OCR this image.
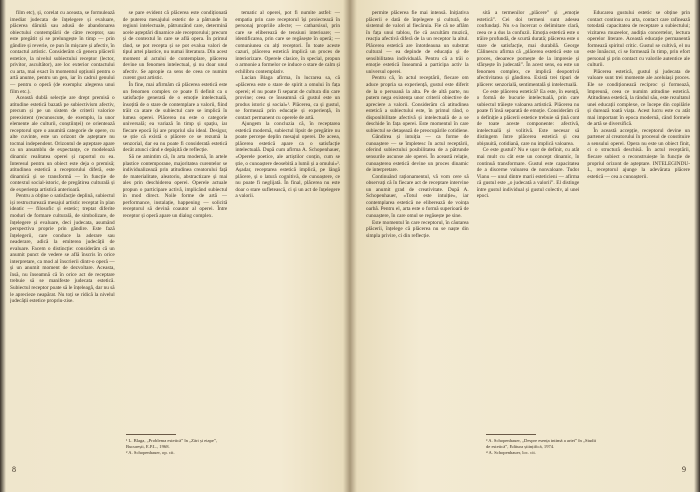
film etc), și, corelat cu aceasta, se formulează imediat judecata de înțelegere și evaluare, plăcerea dăruită sau adusă de abandonarea obiectului contemplării de către receptor, sau este pregătit și se prelungește în timp — prin gândire și reverie, ce pun în mișcare și afectiv, în contactul artistic. Considerăm că genera plăcerii estetice, la nivelul subiectului receptor (lector, privitor, ascultător), are loc exterior contactului cu arta, mai exact în momentul opțiunii pentru o artă anume, pentru un gen, iar în cadrul genului — pentru o operă (de exemplu: alegerea unui film etc.).

Această dublă selecție are drept premisă o atitudine estetică bazată pe subiectivism afectiv, precum și pe un sistem de criterii valorice preexistent (recunoscute, de exemplu, la unor elemente ale culturii, conștiinței) ce orientează receptorul spre o anumită categorie de opere, cu alte cuvinte, este un orizont de așteptare nu tocmai independent. Orizontul de așteptare apare ca un ansamblu de expectanțe, ce modelează dinamic realitatea operei și raportul cu ea. Interesul pentru un obiect este deja o premisă; atitudinea estetică a receptorului diferă, este dinamică și se transformă — în funcție de contextul social-istoric, de pregătirea culturală și de experiența artistică anterioară.

Pentru a obține o satisfacție deplină, subiectul iși restructurează mesajul artistic receptat în plan ideatic — filosofic și estetic; treptat diferite moduri de formare culturală, de simbolizare, de înțelegere și evaluare, deci judecata, asumând perspectiva proprie prin gândire. Este fază înțelegerii, care conduce la aderare sau neaderare, adică la emiterea judecății de evaluare. Facem o distincție: considerăm că un anumit punct de vedere se află înscris în orice interpretare, ca mod al înscrierii dintr-o operă — și un anumit moment de dezvoltare. Aceasta, însă, nu înseamnă că în orice act de receptare trebuie să se manifeste judecata estetică. Subiectul receptor poate să le înțeleagă, dar nu să le aprecieze neapărat. Nu toți se ridică la nivelul judecății estetice propriu-zise.

se pare evident că plăcerea este condiționată de puterea mesajului estetic de a pătrunde în regiuni intelectuale, pătrunzând care, determină acele așteptări dinamice ale receptorului; precum și de contextul în care se află opera. În primul rând, se pot recepta și se pot evalua valori de tipul artei plastice, nu numai literatura. Din acest moment al actului de contemplare, plăcerea devine un fenomen intelectual, și nu doar unul afectiv. Se apropie ca sens de ceea ce numim curent gust artistic.

În fine, mai afirmăm că plăcerea estetică este un fenomen complex ce poate fi definit ca o satisfacție generată de o emoție intelectuală, însoțită de o stare de contemplare a valorii, fiind trăit ca atare de subiectul care se implică în lumea operei. Plăcerea nu este o categorie universală; ea variază în timp și spațiu, iar fiecare epocă își are propriul său ideal. Desigur, se știe că există o plăcere ce se rezumă la senzorial, dar ea nu poate fi considerată estetică decât atunci când e depășită de reflecție.

Să ne amintim că, în arta modernă, în artele plastice contemporane, majoritatea curentelor se individualizează prin atitudinea creatorului față de materialitate, aleatoriu, abstractizare și mai ales prin deschiderea operei. Operele actuale propun o participare activă, implicând subiectul în mod direct. Noile forme de artă — performance, instalație, happening — solicită receptorul să devină coautor al operei. Între receptor și operă apare un dialog complex.

tematic al operei, pot fi numite astfel: — empatia prin care receptorul își proiectează în personaj propriile afecte; — catharsisul, prin care se eliberează de tensiuni interioare; — identificarea, prin care se regăsește în operă; — comuniunea cu alți receptori. În toate aceste cazuri, plăcerea estetică implică un proces de interiorizare. Operele clasice, în special, propun o armonie a formelor ce induce o stare de calm și echilibru contemplativ.

Lucian Blaga afirma, în lucrarea sa, că «plăcerea este o stare de spirit a omului în fața operei; el nu poate fi separat de cultura din care provine; ceea ce înseamnă că gustul este un produs istoric și social»¹. Plăcerea, ca și gustul, se formează prin educație și experiență, în contact permanent cu operele de artă.

Ajungem la concluzia că, în receptarea estetică modernă, subiectul lipsit de pregătire nu poate percepe deplin mesajul operei. De aceea, plăcerea estetică apare ca o satisfacție intelectuală. După cum afirma A. Schopenhauer, «Operele poetice, ale artiștilor conțin, cum se știe, o cunoaștere deosebită a lumii și a omului»². Așadar, receptarea estetică implică, pe lângă plăcere, și o latură cognitivă, de cunoaștere, ce nu poate fi neglijată. În final, plăcerea nu este doar o stare sufletească, ci și un act de înțelegere a valorii.

¹ L. Blaga, „Problema estetică” în „Zări și etape”, București, E.P.L., 1968.
² A. Schopenhauer, op. cit.
8

permite plăcerea fie mai intensă. Inițiativa plăcerii e dată de înțelegere și cultură, de sistemul de valori al fiecăruia. Fie că ne aflăm în fața unui tablou, fie că ascultăm muzică, reacția afectivă diferă de la un receptor la altul. Plăcerea estetică are întotdeauna un substrat cultural — ea depinde de educația și de sensibilitatea individuală. Pentru că a trăi o emoție estetică înseamnă a participa activ la universul operei.

Pentru că, în actul receptării, fiecare om aduce propria sa experiență, gustul este diferit de la o persoană la alta. Pe de altă parte, nu putem nega existența unor criterii obiective de apreciere a valorii. Considerăm că atitudinea estetică a subiectului este, în primul rând, o disponibilitate afectivă și intelectuală de a se deschide în fața operei. Este momentul în care subiectul se detașează de preocupările cotidiene.

Gândirea și intuiția — ca forme de cunoaștere — se împletesc în actul receptării, oferind subiectului posibilitatea de a pătrunde sensurile ascunse ale operei. În această relație, cunoașterea estetică devine un proces dinamic de interpretare.

Continuând raționamentul, vă vom cere să observați că în fiecare act de receptare intervine un anumit grad de creativitate. După A. Schopenhauer, «Totul este intuiție», iar contemplarea estetică ne eliberează de voința oarbă. Pentru el, arta este o formă superioară de cunoaștere, în care omul se regăsește pe sine.

Este momentul în care receptorul, în căutarea plăcerii, înțelege că plăcerea nu se naște din simpla privire, ci din reflecție.

sită a termenilor „plăcere” și „emoție estetică”. Cei doi termeni sunt adesea confundați. Nu s-a încercat o delimitare clară, ceea ce a dus la confuzii. Emoția estetică este o trăire profundă, de scurtă durată; plăcerea este o stare de satisfacție, mai durabilă. George Călinescu afirma că „plăcerea estetică este un proces, deoarece pornește de la impresie și sfârșește în judecată”. În acest sens, ea este un fenomen complex, ce implică deopotrivă afectivitatea și gândirea. Există trei tipuri de plăcere: senzorială, sentimentală și intelectuală.

Ce este plăcerea estetică? Ea este, în esență, o formă de bucurie intelectuală, prin care subiectul trăiește valoarea artistică. Plăcerea nu poate fi însă separată de emoție. Considerăm că o definiție a plăcerii estetice trebuie să țină cont de toate aceste componente: afectivă, intelectuală și volitivă. Este necesar să distingem între plăcerea estetică și cea obișnuită, cotidiană, care nu implică valoarea.

Ce este gustul? Nu e ușor de definit, cu atât mai mult cu cât este un concept dinamic, în continuă transformare. Gustul este capacitatea de a discerne valoarea de nonvaloare. Tudor Vianu — unul dintre marii esteticieni — afirma că gustul este „o judecată a valorii”. El distinge între gustul individual și gustul colectiv, al unei epoci.

Educarea gustului estetic se obține prin contact continuu cu arta, contact care rafinează totodată capacitatea de receptare a subiectului; vizitarea muzeelor, audiția concertelor, lectura operelor literare. Această educație permanentă formează spiritul critic. Gustul se cultivă, el nu este înnăscut, ci se formează în timp, prin efort personal și prin contact cu valorile autentice ale culturii.

Plăcerea estetică, gustul și judecata de valoare sunt trei momente ale aceluiași proces. Ele se condiționează reciproc și formează, împreună, ceea ce numim atitudine estetică. Atitudinea estetică, la rândul său, este rezultatul unei educații complexe, ce începe din copilărie și durează toată viața. Acest lucru este cu atât mai important în epoca modernă, când formele de artă se diversifică.

În această accepție, receptorul devine un partener al creatorului în procesul de constituire a sensului operei. Opera nu este un obiect finit, ci o structură deschisă. În actul receptării, fiecare subiect o reconstruiește în funcție de propriul orizont de așteptare. INTELEGINDU-L, receptorul ajunge la adevărata plăcere estetică — cea a cunoașterii.

³ A. Schopenhauer, „Despre esența intimă a artei” în „Studii de estetică”, Editura științifică, 1974.
⁴ A. Schopenhauer, loc. cit.
9
